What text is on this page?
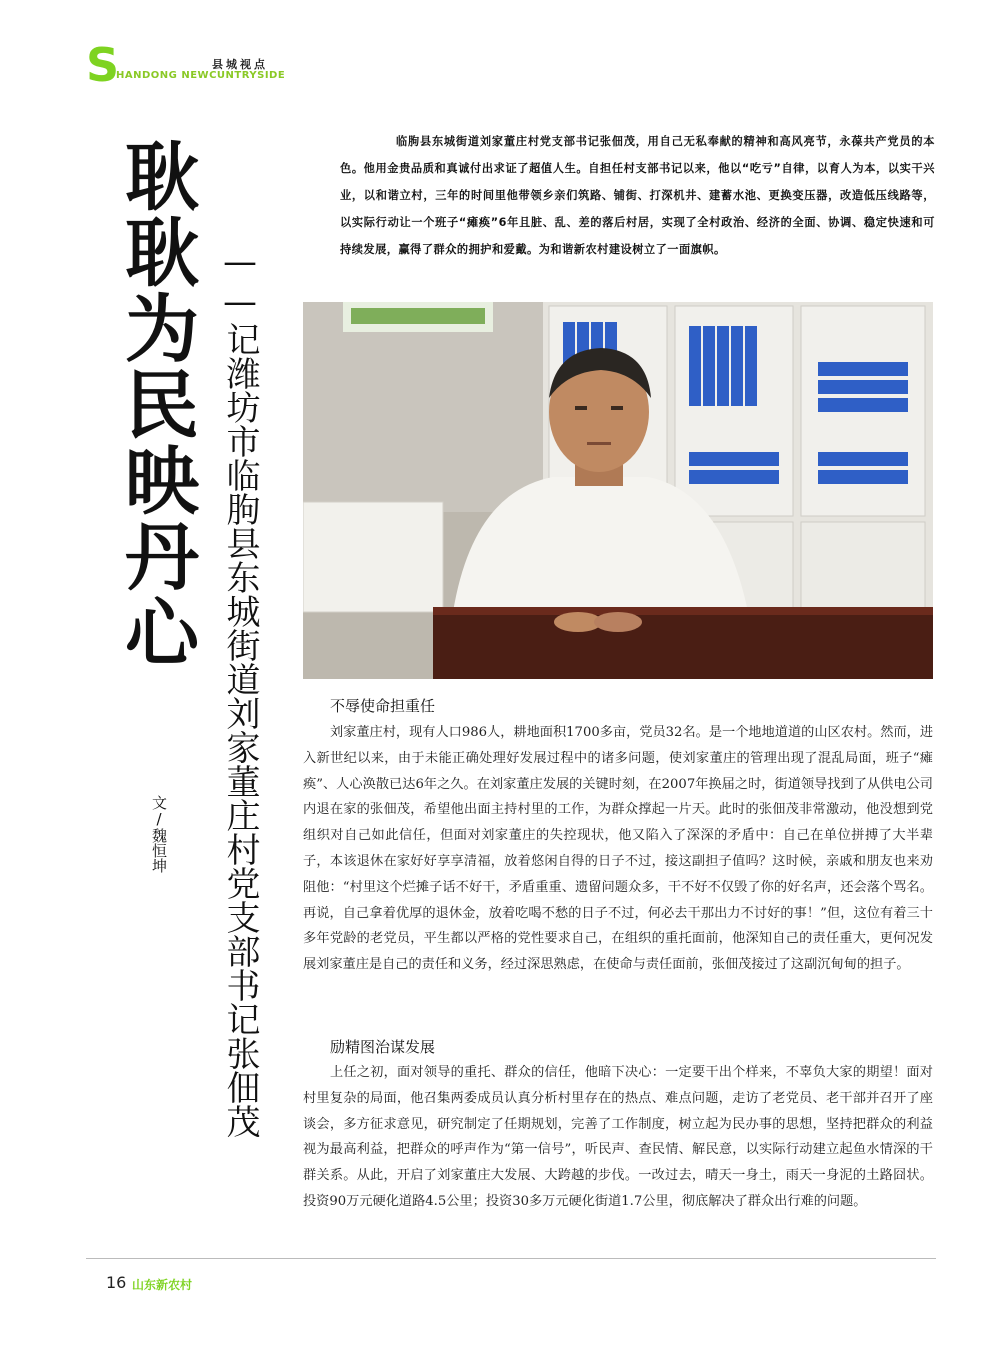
S
HANDONG NEWCUNTRYSIDE
县城视点
耿耿为民映丹心 ——记潍坊市临朐县东城街道刘家董庄村党支部书记张佃茂
文/魏恒坤
临朐县东城街道刘家董庄村党支部书记张佃茂，用自己无私奉献的精神和高风亮节，永葆共产党员的本色。他用金贵品质和真诚付出求证了超值人生。自担任村支部书记以来，他以“吃亏”自律，以育人为本，以实干兴业，以和谐立村，三年的时间里他带领乡亲们筑路、铺街、打深机井、建蓄水池、更换变压器，改造低压线路等，以实际行动让一个班子“瘫痪”6年且脏、乱、差的落后村居，实现了全村政治、经济的全面、协调、稳定快速和可持续发展，赢得了群众的拥护和爱戴。为和谐新农村建设树立了一面旗帜。
不辱使命担重任
刘家董庄村，现有人口986人，耕地面积1700多亩，党员32名。是一个地地道道的山区农村。然而，进入新世纪以来，由于未能正确处理好发展过程中的诸多问题，使刘家董庄的管理出现了混乱局面，班子“瘫痪”、人心涣散已达6年之久。在刘家董庄发展的关键时刻，在2007年换届之时，街道领导找到了从供电公司内退在家的张佃茂，希望他出面主持村里的工作，为群众撑起一片天。此时的张佃茂非常激动，他没想到党组织对自己如此信任，但面对刘家董庄的失控现状，他又陷入了深深的矛盾中：自己在单位拼搏了大半辈子，本该退休在家好好享享清福，放着悠闲自得的日子不过，接这副担子值吗？这时候，亲戚和朋友也来劝阻他：“村里这个烂摊子话不好干，矛盾重重、遗留问题众多，干不好不仅毁了你的好名声，还会落个骂名。再说，自己拿着优厚的退休金，放着吃喝不愁的日子不过，何必去干那出力不讨好的事！”但，这位有着三十多年党龄的老党员，平生都以严格的党性要求自己，在组织的重托面前，他深知自己的责任重大，更何况发展刘家董庄是自己的责任和义务，经过深思熟虑，在使命与责任面前，张佃茂接过了这副沉甸甸的担子。
励精图治谋发展
上任之初，面对领导的重托、群众的信任，他暗下决心：一定要干出个样来，不辜负大家的期望！面对村里复杂的局面，他召集两委成员认真分析村里存在的热点、难点问题，走访了老党员、老干部并召开了座谈会，多方征求意见，研究制定了任期规划，完善了工作制度，树立起为民办事的思想，坚持把群众的利益视为最高利益，把群众的呼声作为“第一信号”，听民声、查民情、解民意，以实际行动建立起鱼水情深的干群关系。从此，开启了刘家董庄大发展、大跨越的步伐。一改过去，晴天一身土，雨天一身泥的土路囧状。投资90万元硬化道路4.5公里；投资30多万元硬化街道1.7公里，彻底解决了群众出行难的问题。
16 山东新农村
